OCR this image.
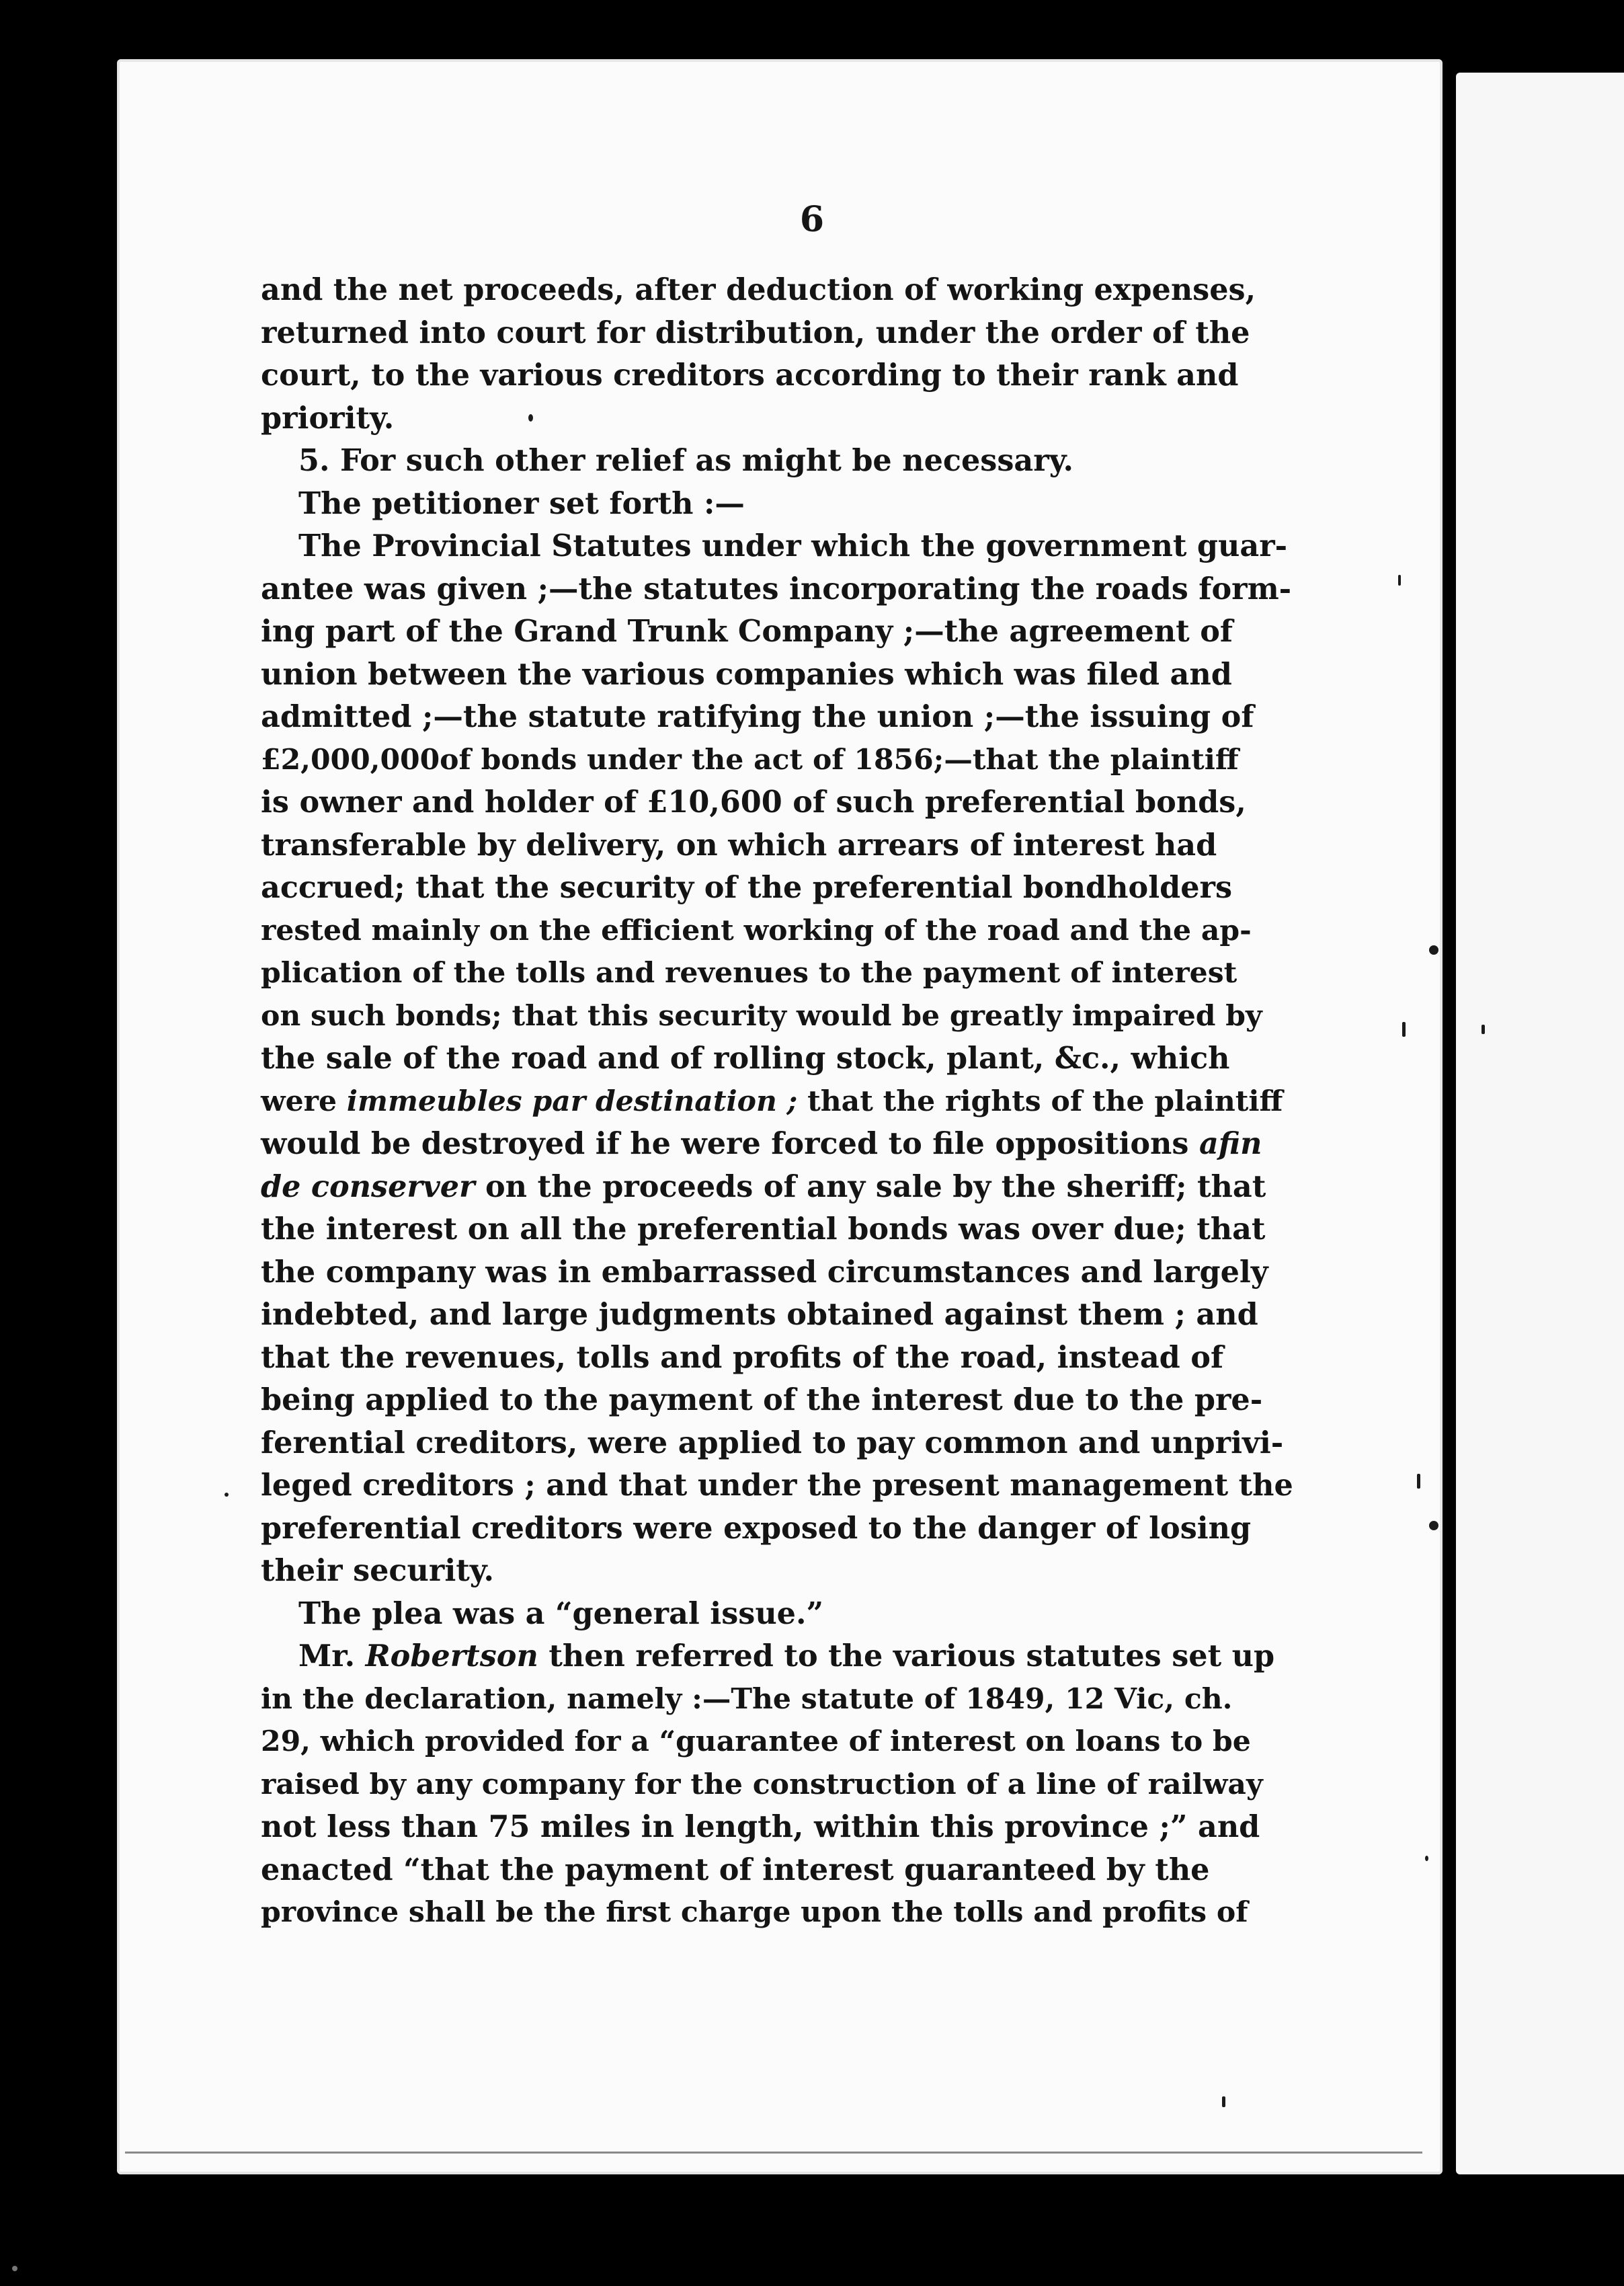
6
and the net proceeds, after deduction of working expenses,
returned into court for distribution, under the order of the
court, to the various creditors according to their rank and
priority.
5. For such other relief as might be necessary.
The petitioner set forth :—
The Provincial Statutes under which the government guar-
antee was given ;—the statutes incorporating the roads form-
ing part of the Grand Trunk Company ;—the agreement of
union between the various companies which was filed and
admitted ;—the statute ratifying the union ;—the issuing of
£2,000,000of bonds under the act of 1856;—that the plaintiff
is owner and holder of £10,600 of such preferential bonds,
transferable by delivery, on which arrears of interest had
accrued; that the security of the preferential bondholders
rested mainly on the efficient working of the road and the ap-
plication of the tolls and revenues to the payment of interest
on such bonds; that this security would be greatly impaired by
the sale of the road and of rolling stock, plant, &c., which
were immeubles par destination ; that the rights of the plaintiff
would be destroyed if he were forced to file oppositions afin
de conserver on the proceeds of any sale by the sheriff; that
the interest on all the preferential bonds was over due; that
the company was in embarrassed circumstances and largely
indebted, and large judgments obtained against them ; and
that the revenues, tolls and profits of the road, instead of
being applied to the payment of the interest due to the pre-
ferential creditors, were applied to pay common and unprivi-
leged creditors ; and that under the present management the
preferential creditors were exposed to the danger of losing
their security.
The plea was a “general issue.”
Mr. Robertson then referred to the various statutes set up
in the declaration, namely :—The statute of 1849, 12 Vic, ch.
29, which provided for a “guarantee of interest on loans to be
raised by any company for the construction of a line of railway
not less than 75 miles in length, within this province ;” and
enacted “that the payment of interest guaranteed by the
province shall be the first charge upon the tolls and profits of
